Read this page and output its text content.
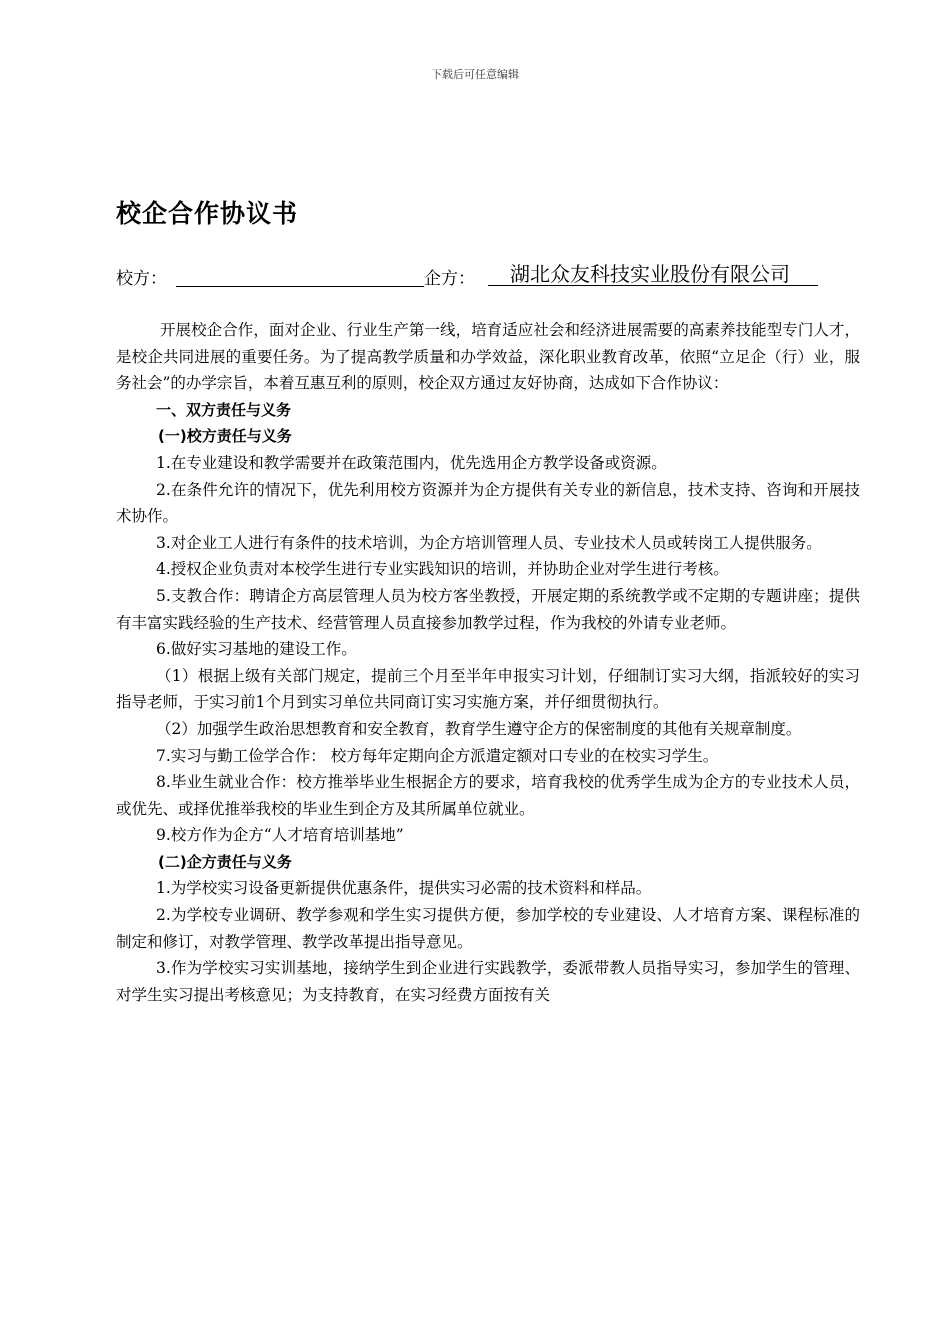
下载后可任意编辑
校企合作协议书
校方：	企方： 湖北众友科技实业股份有限公司

开展校企合作，面对企业、行业生产第一线，培育适应社会和经济进展需要的高素养技能型专门人才，是校企共同进展的重要任务。为了提高教学质量和办学效益，深化职业教育改革，依照“立足企（行）业，服务社会”的办学宗旨，本着互惠互利的原则，校企双方通过友好协商，达成如下合作协议：

一、双方责任与义务

(一)校方责任与义务

1.在专业建设和教学需要并在政策范围内，优先选用企方教学设备或资源。

2.在条件允许的情况下，优先利用校方资源并为企方提供有关专业的新信息，技术支持、咨询和开展技术协作。

3.对企业工人进行有条件的技术培训，为企方培训管理人员、专业技术人员或转岗工人提供服务。

4.授权企业负责对本校学生进行专业实践知识的培训，并协助企业对学生进行考核。

5.支教合作：聘请企方高层管理人员为校方客坐教授，开展定期的系统教学或不定期的专题讲座；提供有丰富实践经验的生产技术、经营管理人员直接参加教学过程，作为我校的外请专业老师。

6.做好实习基地的建设工作。

（1）根据上级有关部门规定，提前三个月至半年申报实习计划，仔细制订实习大纲，指派较好的实习指导老师，于实习前1个月到实习单位共同商订实习实施方案，并仔细贯彻执行。

（2）加强学生政治思想教育和安全教育，教育学生遵守企方的保密制度的其他有关规章制度。

7.实习与勤工俭学合作： 校方每年定期向企方派遣定额对口专业的在校实习学生。

8.毕业生就业合作：校方推举毕业生根据企方的要求，培育我校的优秀学生成为企方的专业技术人员，或优先、或择优推举我校的毕业生到企方及其所属单位就业。

9.校方作为企方“人才培育培训基地”

(二)企方责任与义务

1.为学校实习设备更新提供优惠条件，提供实习必需的技术资料和样品。

2.为学校专业调研、教学参观和学生实习提供方便，参加学校的专业建设、人才培育方案、课程标准的制定和修订，对教学管理、教学改革提出指导意见。

3.作为学校实习实训基地，接纳学生到企业进行实践教学，委派带教人员指导实习，参加学生的管理、对学生实习提出考核意见；为支持教育，在实习经费方面按有关
